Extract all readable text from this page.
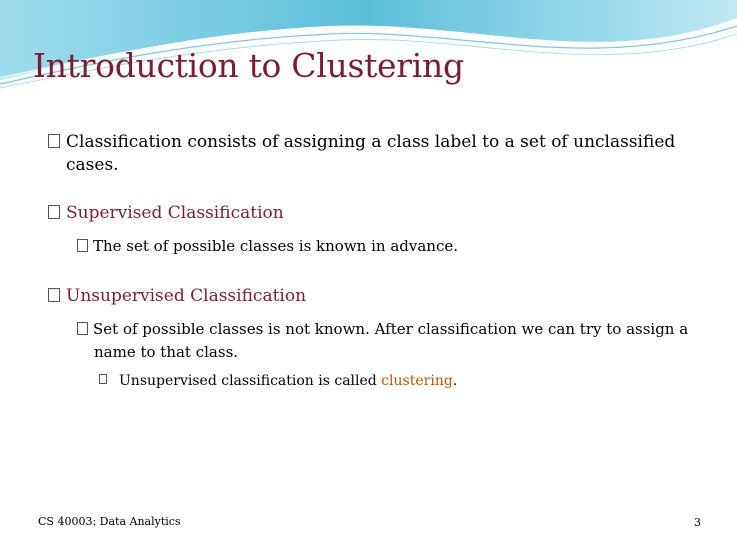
Introduction to Clustering
Classification consists of assigning a class label to a set of unclassified
cases.
Supervised Classification
The set of possible classes is known in advance.
Unsupervised Classification
Set of possible classes is not known. After classification we can try to assign a
name to that class.
Unsupervised classification is called clustering.
CS 40003: Data Analytics	3
